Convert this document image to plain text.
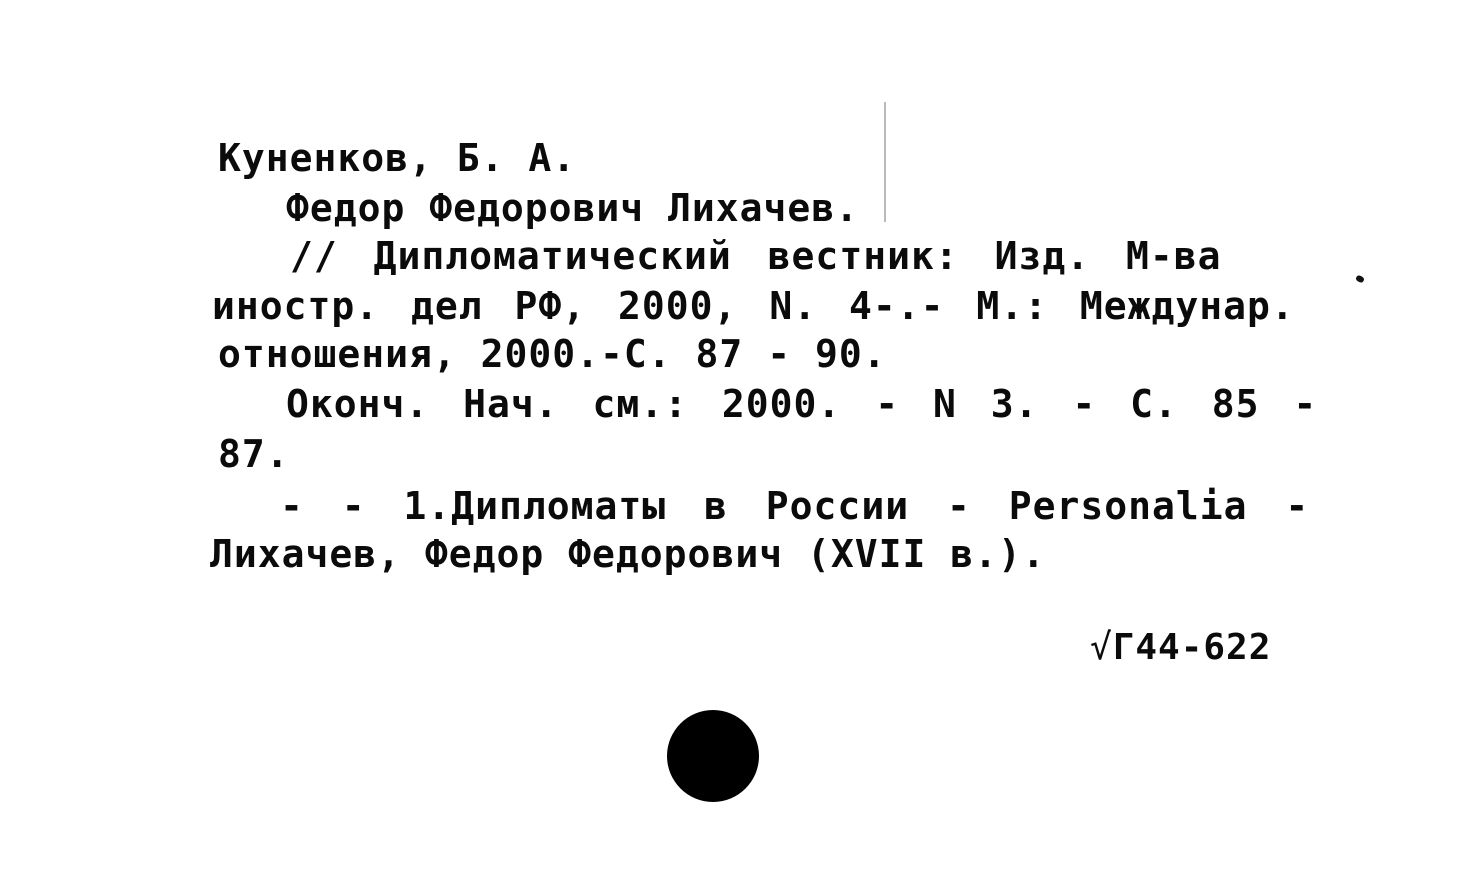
Куненков, Б. А.
Федор Федорович Лихачев.
// Дипломатический вестник: Изд. М-ва
иностр. дел РФ, 2000, N. 4-.- М.: Междунар.
отношения, 2000.-С. 87 - 90.
Оконч. Нач. см.: 2000. - N 3. - С. 85 -
87.
- - 1.Дипломаты в России - Personalia -
Лихачев, Федор Федорович (XVII в.).
√Г44-622
